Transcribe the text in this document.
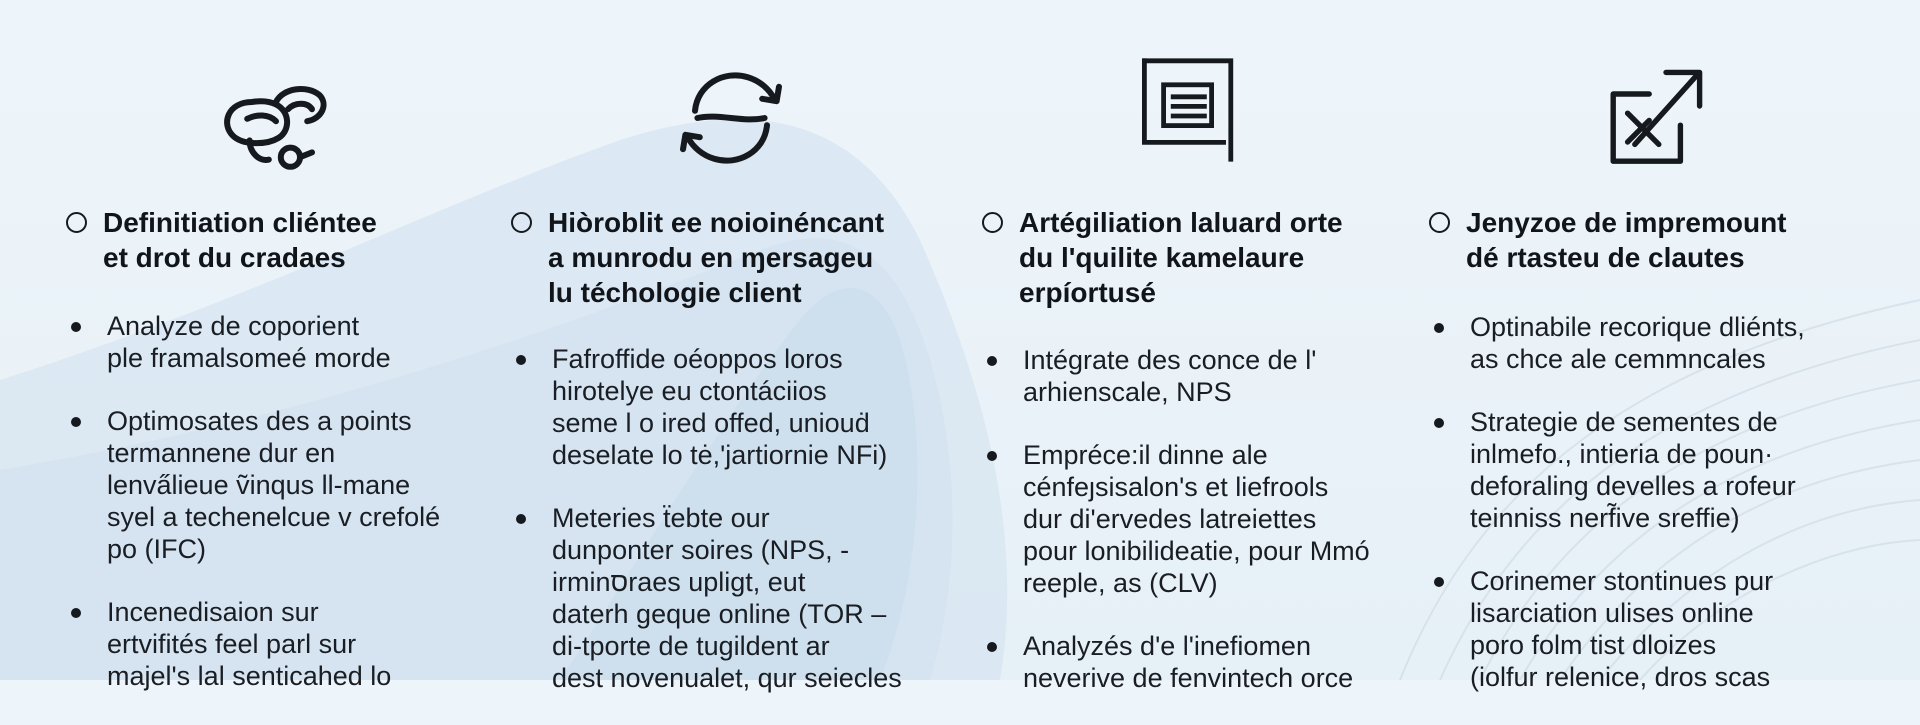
Definitiation cliéntee
et drot du cradaes
Analyze de coporient
ple framalsomeé morde
Optimosates des a points
termannene dur en
lenva̋lieue ṽinqus ll-mane
syel a techenelcue v crefolé
po (IFC)
Incenedisaion sur
ertvifités feel parl sur
majel's lal senticahed lo
Hiòroblit ee noioinéncant
a munrodu en ɱersageu
lu téchologie client
Fafroffide oéoppos loros
hirotelye eu ctontáciios
seme l o ired offed, uniouḋ
deselate lo tė,'jartiornie NFi)
Meteries ẗebte our
dunponter soires (NPS, -
irminסraes upligt, eut
daterh geque online (TOR –
di-tporte de tugildent ar
dest novenualet, qur seiecles
Artégiliation laluard orte
du l'quilite kamelaure
erpíortusé
Intégrate des conce de l'
arhienscale, NPS
Empréce:il dinne ale
cénfeȷsisalon's et liefrools
dur di'ervedes latreiettes
pour lonibilideatie, pour Mmó
reeple, as (CLV)
Analyzés d'e l'inefiomen
neverive de fenvintech orce
Jenyzoe de impremount
dé rtasteu de clautes
Optinabile recorique dliénts,
as chce ale cemmncales
Strategie de sementes de
inlmefo., intieria de poun·
deforaling develles a rofeur
teinniss nerf̃ive sreffie)
Corinemer stontinues pur
lisarciation ulises online
poro folm tist dloizes
(iolfur relenice, dros scas
